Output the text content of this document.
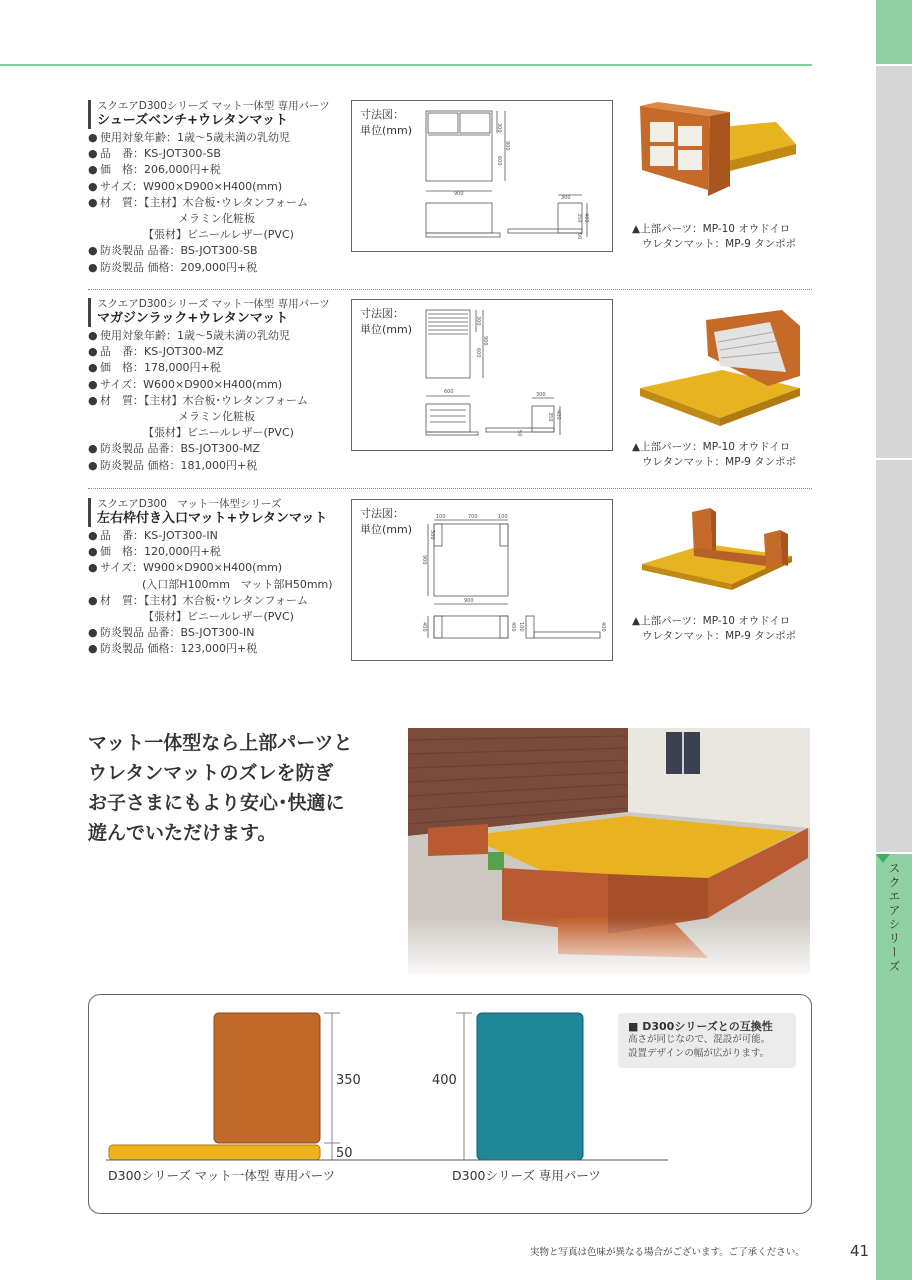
スクエアシリーズ
スクエアD300シリーズ マット一体型 専用パーツ
シューズベンチ+ウレタンマット
● 使用対象年齢：1歳～5歳未満の乳幼児
● 品　番：KS-JOT300-SB
● 価　格：206,000円+税
● サイズ：W900×D900×H400(mm)
● 材　質：【主材】木合板･ウレタンフォーム
メラミン化粧板
【張材】ビニールレザー(PVC)
● 防炎製品 品番：BS-JOT300-SB
● 防炎製品 価格：209,000円+税
寸法図：
単位(mm)	300
600
900
900
300
350 400
50
▲上部パーツ：MP-10 オウドイロ
ウレタンマット：MP-9 タンポポ
スクエアD300シリーズ マット一体型 専用パーツ
マガジンラック+ウレタンマット
● 使用対象年齢：1歳～5歳未満の乳幼児
● 品　番：KS-JOT300-MZ
● 価　格：178,000円+税
● サイズ：W600×D900×H400(mm)
● 材　質：【主材】木合板･ウレタンフォーム
メラミン化粧板
【張材】ビニールレザー(PVC)
● 防炎製品 品番：BS-JOT300-MZ
● 防炎製品 価格：181,000円+税
寸法図：
単位(mm)
300
600
900
600	300
350 400
50
▲上部パーツ：MP-10 オウドイロ
ウレタンマット：MP-9 タンポポ
スクエアD300　マット一体型シリーズ
左右枠付き入口マット+ウレタンマット
● 品　番：KS-JOT300-IN
● 価　格：120,000円+税
● サイズ：W900×D900×H400(mm)
(入口部H100mm　マット部H50mm)
● 材　質：【主材】木合板･ウレタンフォーム
【張材】ビニールレザー(PVC)
● 防炎製品 品番：BS-JOT300-IN
● 防炎製品 価格：123,000円+税
寸法図：
単位(mm)
100	700	100
300
900
900
400	400 100	400 ▲上部パーツ：MP-10 オウドイロ
ウレタンマット：MP-9 タンポポ
マット一体型なら上部パーツと
ウレタンマットのズレを防ぎ
お子さまにもより安心･快適に
遊んでいただけます。
350
50
400
D300シリーズ マット一体型 専用パーツ	D300シリーズ 専用パーツ
■ D300シリーズとの互換性
高さが同じなので、混設が可能。
設置デザインの幅が広がります。
実物と写真は色味が異なる場合がございます。ご了承ください。	41
